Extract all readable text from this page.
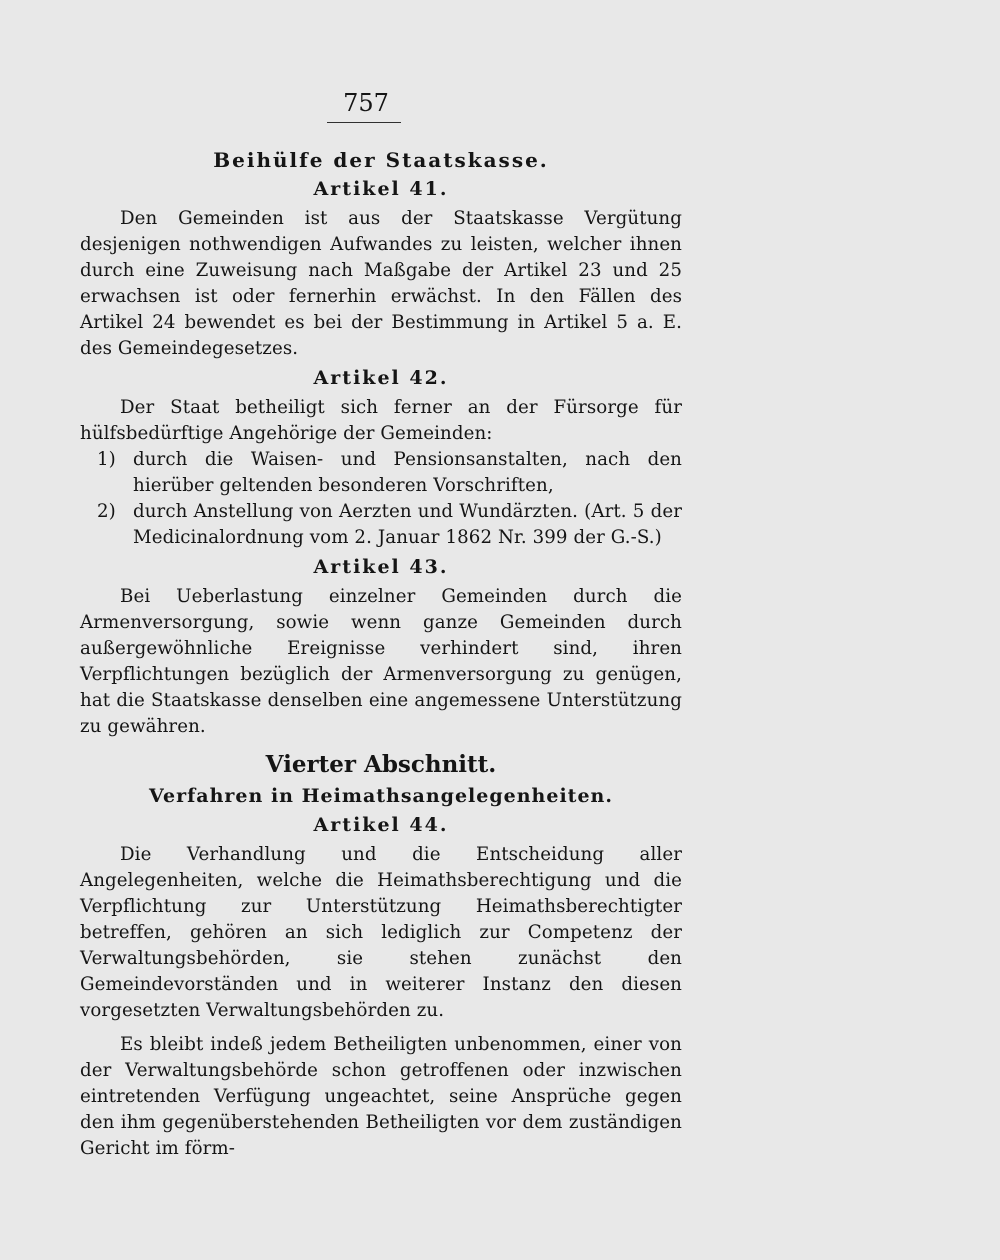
757
Beihülfe der Staatskasse.
Artikel 41.

Den Gemeinden ist aus der Staatskasse Vergütung desjenigen nothwendigen Aufwandes zu leisten, welcher ihnen durch eine Zuweisung nach Maßgabe der Artikel 23 und 25 erwachsen ist oder fernerhin erwächst. In den Fällen des Artikel 24 bewendet es bei der Bestimmung in Artikel 5 a. E. des Gemeindegesetzes.

Artikel 42.

Der Staat betheiligt sich ferner an der Fürsorge für hülfsbedürftige Angehörige der Gemeinden:

1) durch die Waisen- und Pensionsanstalten, nach den hierüber geltenden besonderen Vorschriften,

2) durch Anstellung von Aerzten und Wundärzten. (Art. 5 der Medicinalordnung vom 2. Januar 1862 Nr. 399 der G.-S.)

Artikel 43.

Bei Ueberlastung einzelner Gemeinden durch die Armenversorgung, sowie wenn ganze Gemeinden durch außergewöhnliche Ereignisse verhindert sind, ihren Verpflichtungen bezüglich der Armenversorgung zu genügen, hat die Staatskasse denselben eine angemessene Unterstützung zu gewähren.

Vierter Abschnitt.
Verfahren in Heimathsangelegenheiten.
Artikel 44.

Die Verhandlung und die Entscheidung aller Angelegenheiten, welche die Heimathsberechtigung und die Verpflichtung zur Unterstützung Heimathsberechtigter betreffen, gehören an sich lediglich zur Competenz der Verwaltungsbehörden, sie stehen zunächst den Gemeindevorständen und in weiterer Instanz den diesen vorgesetzten Verwaltungsbehörden zu.

Es bleibt indeß jedem Betheiligten unbenommen, einer von der Verwaltungsbehörde schon getroffenen oder inzwischen eintretenden Verfügung ungeachtet, seine Ansprüche gegen den ihm gegenüberstehenden Betheiligten vor dem zuständigen Gericht im förm-
